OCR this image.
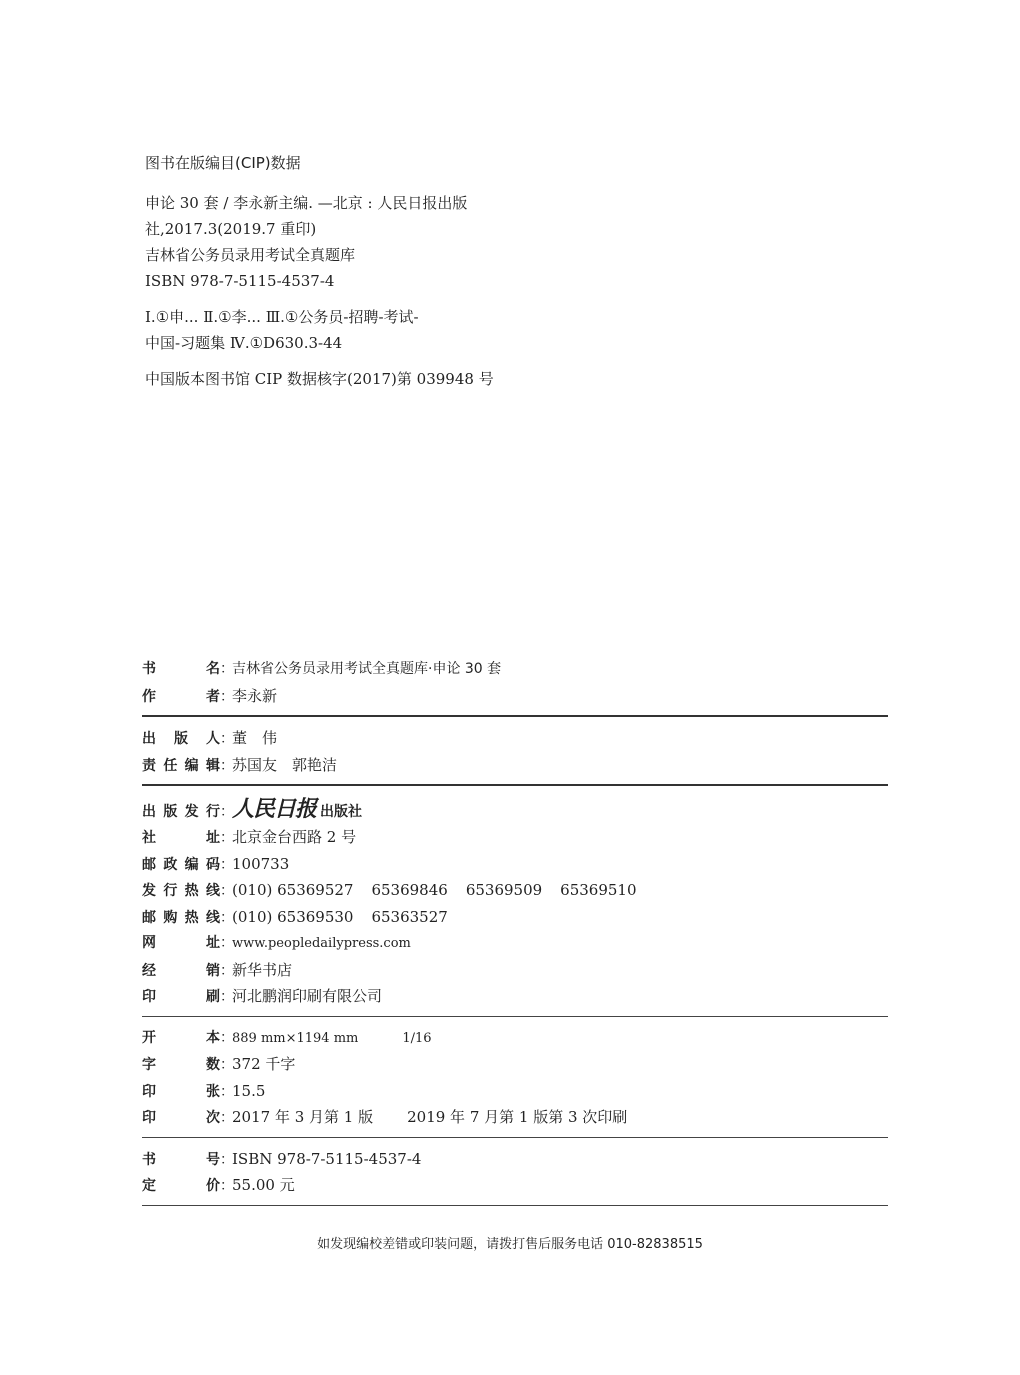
图书在版编目(CIP)数据
申论 30 套 / 李永新主编. —北京 : 人民日报出版
社,2017.3(2019.7 重印)
吉林省公务员录用考试全真题库
ISBN 978-7-5115-4537-4
Ⅰ.①申... Ⅱ.①李... Ⅲ.①公务员-招聘-考试-
中国-习题集 Ⅳ.①D630.3-44
中国版本图书馆 CIP 数据核字(2017)第 039948 号
书	名 ：
吉林省公务员录用考试全真题库·申论 30 套
作	者 ：
李永新
出 版 人 ：
董　伟
责 任 编 辑 ：
苏国友　郭艳洁
出 版 发 行 ：
人民日报 出版社
社	址 ：
北京金台西路 2 号
邮 政 编 码 ：
100733
发 行 热 线 ：
(010) 65369527 65369846 65369509 65369510
邮 购 热 线 ：
(010) 65369530 65363527
网	址 ：
www.peopledailypress.com
经	销 ：
新华书店
印	刷 ：
河北鹏润印刷有限公司
开	本 ：
889 mm×1194 mm	1/16
字	数 ：
372 千字
印	张 ：
15.5
印	次 ：
2017 年 3 月第 1 版 2019 年 7 月第 1 版第 3 次印刷
书	号 ：
ISBN 978-7-5115-4537-4
定	价 ：
55.00 元
如发现编校差错或印装问题，请拨打售后服务电话 010-82838515
